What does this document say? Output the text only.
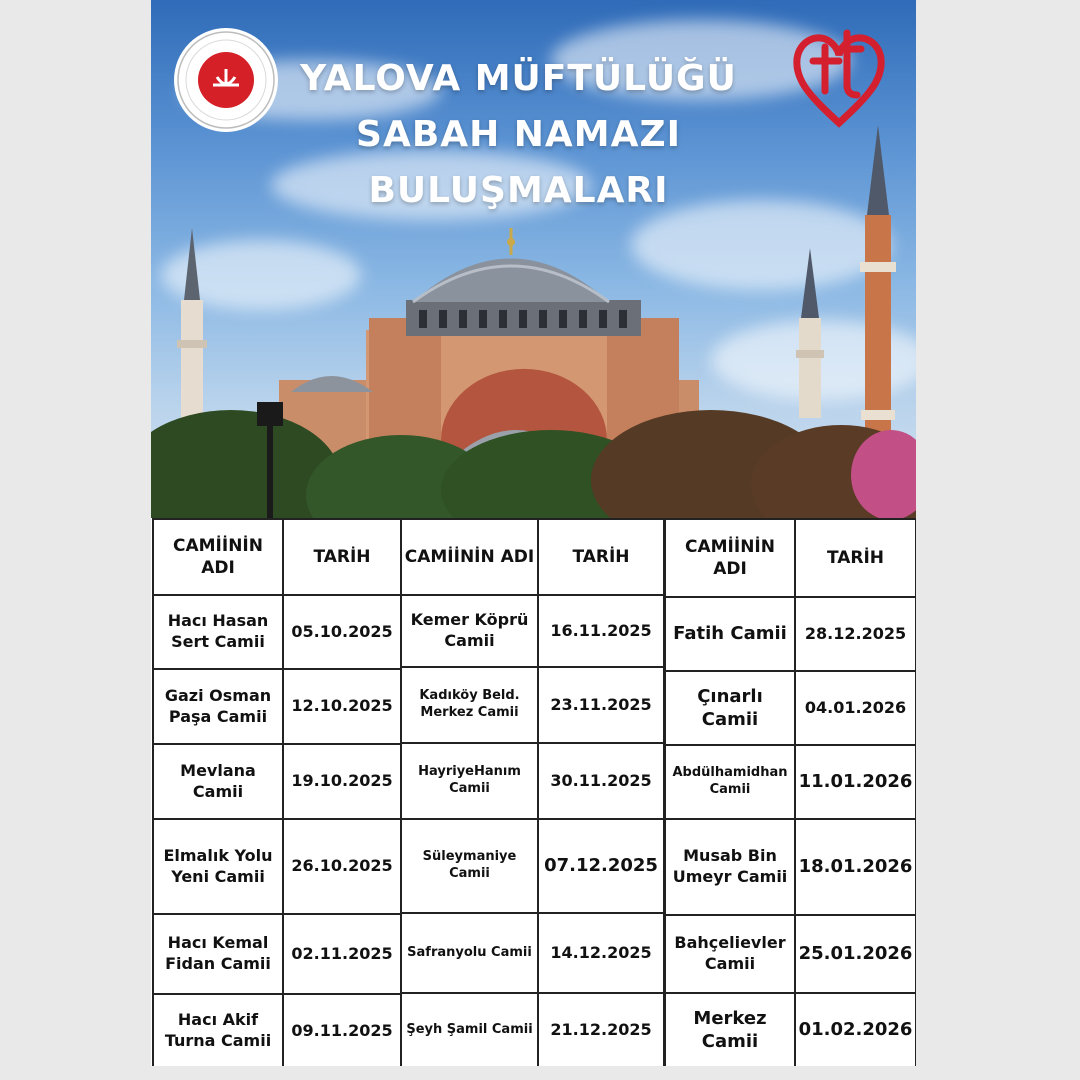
YALOVA MÜFTÜLÜĞÜ
SABAH NAMAZI
BULUŞMALARI
CAMİİNİN ADI	TARİH
Hacı Hasan Sert Camii	05.10.2025
Gazi Osman Paşa Camii	12.10.2025
Mevlana Camii	19.10.2025
Elmalık Yolu Yeni Camii	26.10.2025
Hacı Kemal Fidan Camii	02.11.2025
Hacı Akif Turna Camii	09.11.2025
CAMİİNİN ADI	TARİH
Kemer Köprü Camii	16.11.2025
Kadıköy Beld. Merkez Camii	23.11.2025
HayriyeHanım Camii	30.11.2025
Süleymaniye Camii	07.12.2025
Safranyolu Camii	14.12.2025
Şeyh Şamil Camii	21.12.2025
CAMİİNİN ADI	TARİH
Fatih Camii	28.12.2025
Çınarlı Camii	04.01.2026
Abdülhamidhan Camii	11.01.2026
Musab Bin Umeyr Camii	18.01.2026
Bahçelievler Camii	25.01.2026
Merkez Camii	01.02.2026
